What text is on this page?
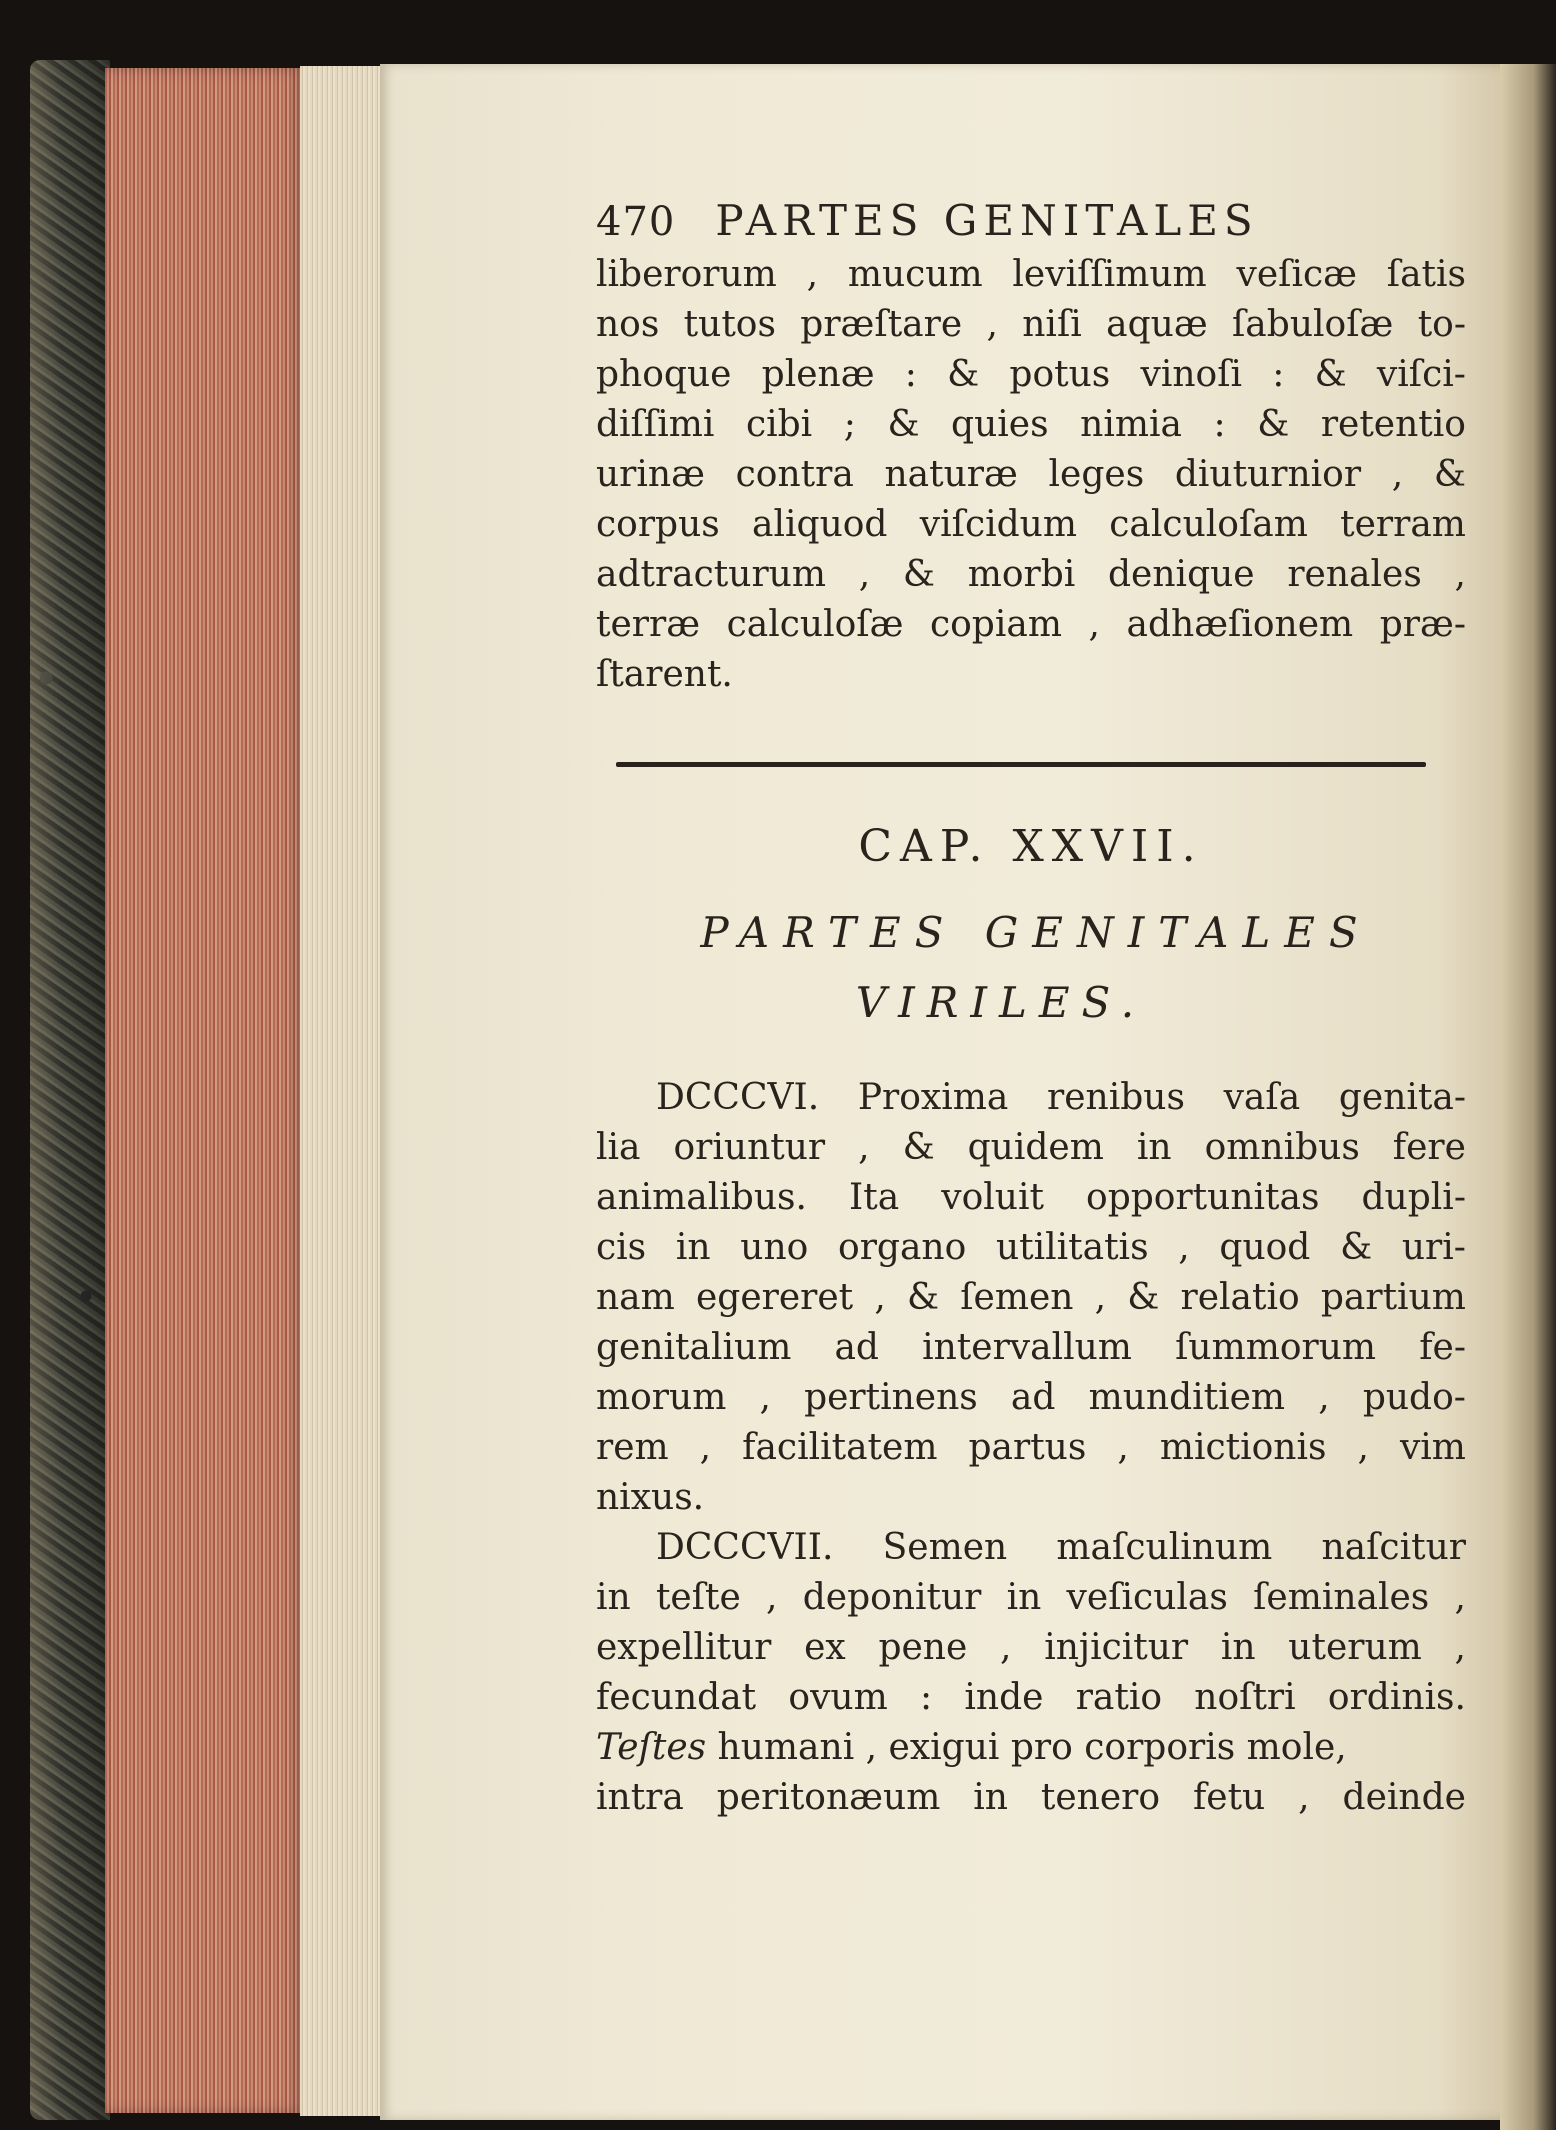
470 PARTES GENITALES
liberorum , mucum leviſſimum veſicæ ſatis
nos tutos præſtare , niſi aquæ ſabuloſæ to-
phoque plenæ : & potus vinoſi : & viſci-
diſſimi cibi ; & quies nimia : & retentio
urinæ contra naturæ leges diuturnior , &
corpus aliquod viſcidum calculoſam terram
adtracturum , & morbi denique renales ,
terræ calculoſæ copiam , adhæſionem præ-
ſtarent.
CAP. XXVII.
PARTES GENITALES
VIRILES.
DCCCVI. Proxima renibus vaſa genita-
lia oriuntur , & quidem in omnibus fere
animalibus. Ita voluit opportunitas dupli-
cis in uno organo utilitatis , quod & uri-
nam egereret , & ſemen , & relatio partium
genitalium ad intervallum ſummorum fe-
morum , pertinens ad munditiem , pudo-
rem , facilitatem partus , mictionis , vim
nixus.
DCCCVII. Semen maſculinum naſcitur
in teſte , deponitur in veſiculas ſeminales ,
expellitur ex pene , injicitur in uterum ,
fecundat ovum : inde ratio noſtri ordinis.
Teſtes
humani , exigui pro corporis mole,
intra peritonæum in tenero fetu , deinde
